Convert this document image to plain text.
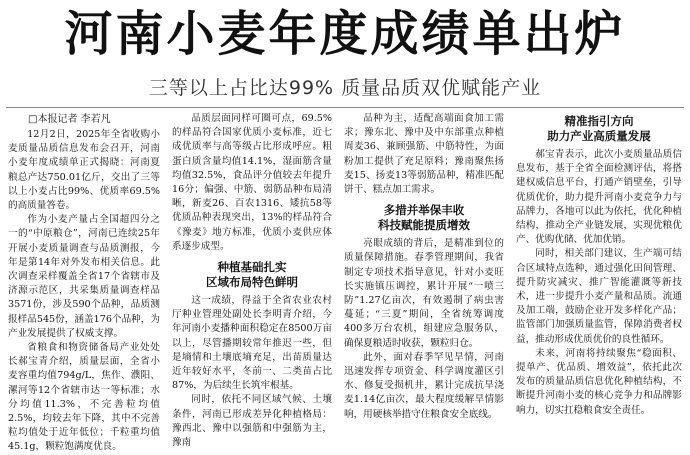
河南小麦年度成绩单出炉
三等以上占比达99% 质量品质双优赋能产业

□本报记者 李若凡

12月2日，2025年全省收购小麦质量品质信息发布会召开，河南小麦年度成绩单正式揭晓：河南夏粮总产达750.01亿斤，交出了三等以上小麦占比99%、优质率69.5%的高质量答卷。

作为小麦产量占全国超四分之一的“中原粮仓”，河南已连续25年开展小麦质量调查与品质测报，今年是第14年对外发布相关信息。此次调查采样覆盖全省17个省辖市及济源示范区，共采集质量调查样品3571份，涉及590个品种，品质测报样品545份，涵盖176个品种，为产业发展提供了权威支撑。

省粮食和物资储备局产业处处长郝宝青介绍，质量层面，全省小麦容重均值794g/L，焦作、濮阳、漯河等12个省辖市达一等标准；水分均值11.3%，不完善粒均值2.5%，均较去年下降，其中不完善粒均值处于近年低位；千粒重均值45.1g，颗粒饱满度优良。

品质层面同样可圈可点，69.5%的样品符合国家优质小麦标准，近七成优质率与高等级占比形成呼应。粗蛋白质含量均值14.1%，湿面筋含量均值32.5%，食品评分值较去年提升16分；偏强、中筋、弱筋品种布局清晰，新麦26、百农1316、矮抗58等优质品种表现突出，13%的样品符合《豫麦》地方标准，优质小麦供应体系逐步成型。

种植基础扎实
区域布局特色鲜明

这一成绩，得益于全省农业农村厅种业管理处副处长李明青介绍，今年河南小麦播种面积稳定在8500万亩以上，尽管播期较常年推迟一些，但是墒情和土壤底墒充足，出苗质量达近年较好水平，冬前一、二类苗占比87%，为后续生长筑牢根基。

同时，依托不同区域气候、土壤条件，河南已形成差异化种植格局：豫西北、豫中以强筋和中强筋为主，豫南

品种为主，适配高端面食加工需求；豫东北、豫中及中东部重点种植周麦36、兼顾强筋、中筋特性，为面粉加工提供了充足原料；豫南聚焦扬麦15、扬麦13等弱筋品种，精准匹配饼干、糕点加工需求。

多措并举保丰收
科技赋能提质增效

亮眼成绩的背后，是精准到位的质量保障措施。春季管理期间，我省制定专项技术指导意见，针对小麦旺长实施镇压调控，累计开展“一喷三防”1.27亿亩次，有效遏制了病虫害蔓延；“三夏”期间，全省统筹调度400多万台农机，组建应急服务队，确保夏粮适时收获，颗粒归仓。

此外，面对春季罕见旱情，河南迅速发挥专项资金、科学调度灌区引水、修复受损机井，累计完成抗旱浇麦1.14亿亩次，最大程度缓解旱情影响，用硬核举措守住粮食安全底线。

精准指引方向
助力产业高质量发展

郝宝青表示，此次小麦质量品质信息发布，基于全省全面检测评估，将搭建权威信息平台，打通产销壁垒，引导优质优价，助力提升河南小麦竞争力与品牌力，各地可以此为依托，优化种植结构，推动全产业链发展，实现优粮优产、优购优储、优加优销。

同时，相关部门建议，生产端可结合区域特点选种，通过强化田间管理、提升防灾减灾、推广智能灌溉等新技术，进一步提升小麦产量和品质。流通及加工端，鼓励企业开发多样化产品；监管部门加强质量监管，保障消费者权益，推动形成优质优价的良性循环。

未来，河南将持续聚焦“稳面积、提单产、优品质、增效益”，依托此次发布的质量品质信息优化种植结构，不断提升河南小麦的核心竞争力和品牌影响力，切实扛稳粮食安全责任。
